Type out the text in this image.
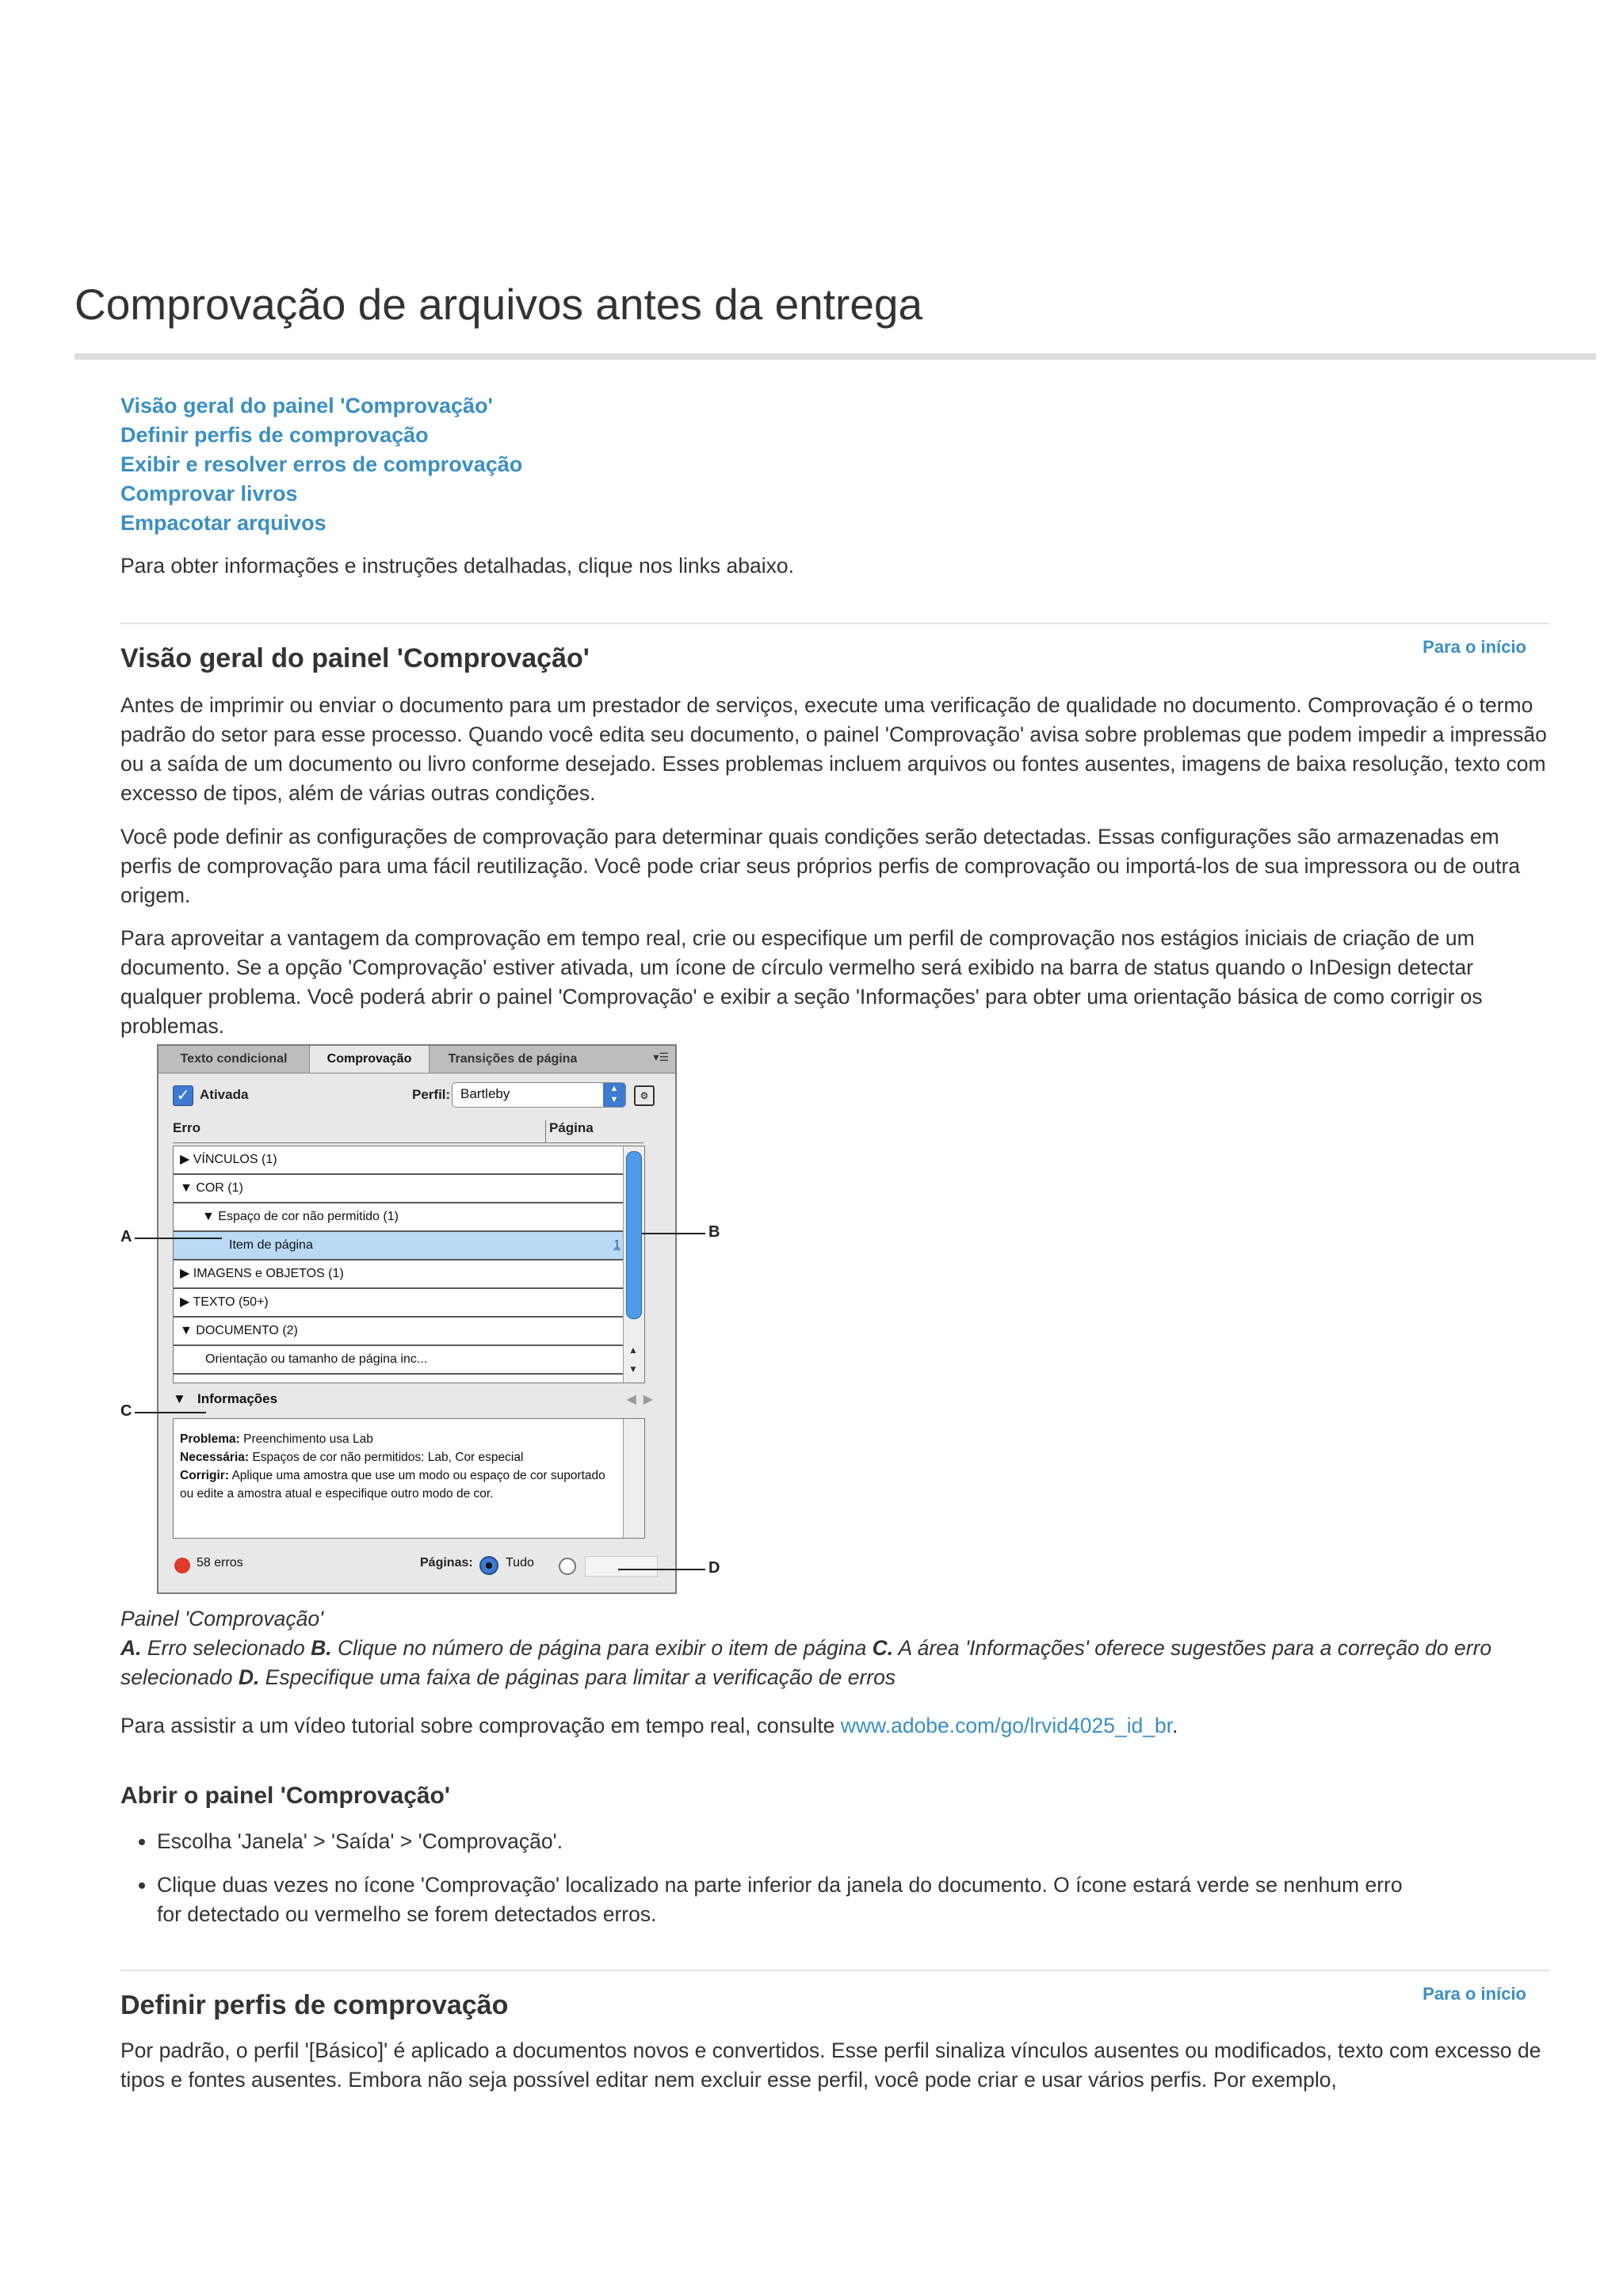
Comprovação de arquivos antes da entrega
Visão geral do painel 'Comprovação'
Definir perfis de comprovação
Exibir e resolver erros de comprovação
Comprovar livros
Empacotar arquivos

Para obter informações e instruções detalhadas, clique nos links abaixo.

Para o início
Visão geral do painel 'Comprovação'

Antes de imprimir ou enviar o documento para um prestador de serviços, execute uma verificação de qualidade no documento. Comprovação é o termo padrão do setor para esse processo. Quando você edita seu documento, o painel 'Comprovação' avisa sobre problemas que podem impedir a impressão ou a saída de um documento ou livro conforme desejado. Esses problemas incluem arquivos ou fontes ausentes, imagens de baixa resolução, texto com excesso de tipos, além de várias outras condições.

Você pode definir as configurações de comprovação para determinar quais condições serão detectadas. Essas configurações são armazenadas em perfis de comprovação para uma fácil reutilização. Você pode criar seus próprios perfis de comprovação ou importá-los de sua impressora ou de outra origem.

Para aproveitar a vantagem da comprovação em tempo real, crie ou especifique um perfil de comprovação nos estágios iniciais de criação de um documento. Se a opção 'Comprovação' estiver ativada, um ícone de círculo vermelho será exibido na barra de status quando o InDesign detectar qualquer problema. Você poderá abrir o painel 'Comprovação' e exibir a seção 'Informações' para obter uma orientação básica de como corrigir os problemas.

Texto condicional	Comprovação	Transições de página	▾☰
✓ Ativada	Perfil: Bartleby	▲
▼	⚙
Erro	Página
▶ VÍNCULOS (1)
▼ COR (1)
▼ Espaço de cor não permitido (1)
Item de página	1
▶ IMAGENS e OBJETOS (1)
▶ TEXTO (50+)
▼ DOCUMENTO (2)
Orientação ou tamanho de página inc...
▲
▼
▼ Informações	◀ ▶
Problema: Preenchimento usa Lab
Necessária: Espaços de cor não permitidos: Lab, Cor especial
Corrigir: Aplique uma amostra que use um modo ou espaço de cor suportado ou edite a amostra atual e especifique outro modo de cor.
58 erros	Páginas:	Tudo
A	B
C
D
Painel 'Comprovação'
A. Erro selecionado B. Clique no número de página para exibir o item de página C. A área 'Informações' oferece sugestões para a correção do erro selecionado D. Especifique uma faixa de páginas para limitar a verificação de erros

Para assistir a um vídeo tutorial sobre comprovação em tempo real, consulte www.adobe.com/go/lrvid4025_id_br.

Abrir o painel 'Comprovação'
• Escolha 'Janela' > 'Saída' > 'Comprovação'.
• Clique duas vezes no ícone 'Comprovação' localizado na parte inferior da janela do documento. O ícone estará verde se nenhum erro for detectado ou vermelho se forem detectados erros.
Para o início
Definir perfis de comprovação

Por padrão, o perfil '[Básico]' é aplicado a documentos novos e convertidos. Esse perfil sinaliza vínculos ausentes ou modificados, texto com excesso de tipos e fontes ausentes. Embora não seja possível editar nem excluir esse perfil, você pode criar e usar vários perfis. Por exemplo,
